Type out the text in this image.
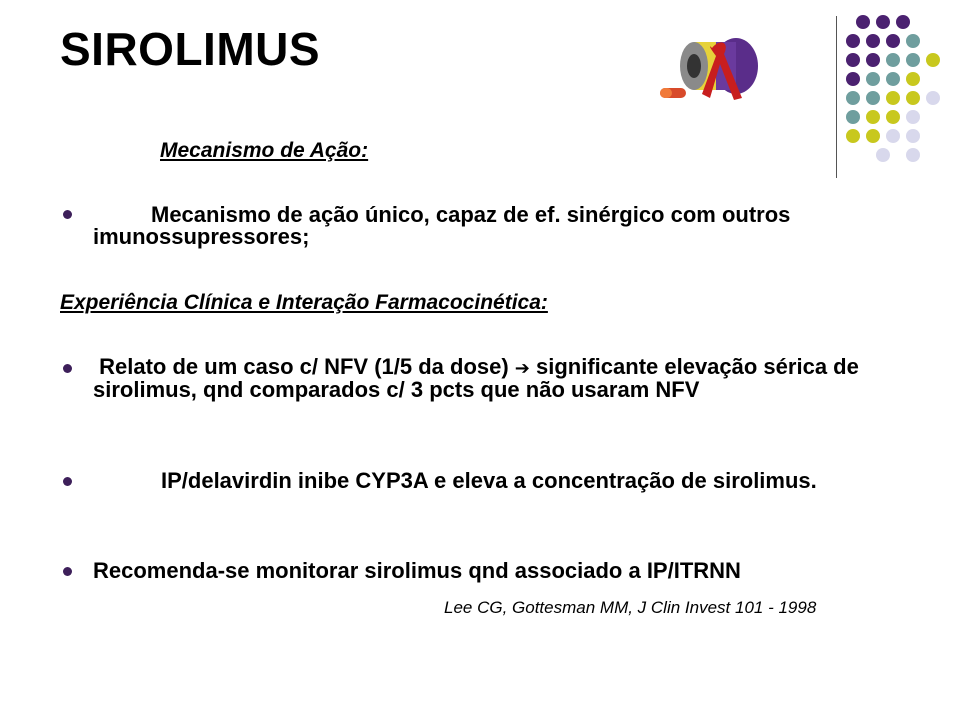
SIROLIMUS
Mecanismo de Ação:
Mecanismo de ação único, capaz de ef. sinérgico com outros imunossupressores;
Experiência Clínica e Interação Farmacocinética:
Relato de um caso c/ NFV (1/5 da dose) ➔ significante elevação sérica de sirolimus, qnd comparados c/ 3 pcts que não usaram NFV
IP/delavirdin inibe CYP3A e eleva a concentração de sirolimus.
Recomenda-se monitorar sirolimus qnd associado a IP/ITRNN
Lee CG, Gottesman MM, J Clin Invest 101 - 1998
